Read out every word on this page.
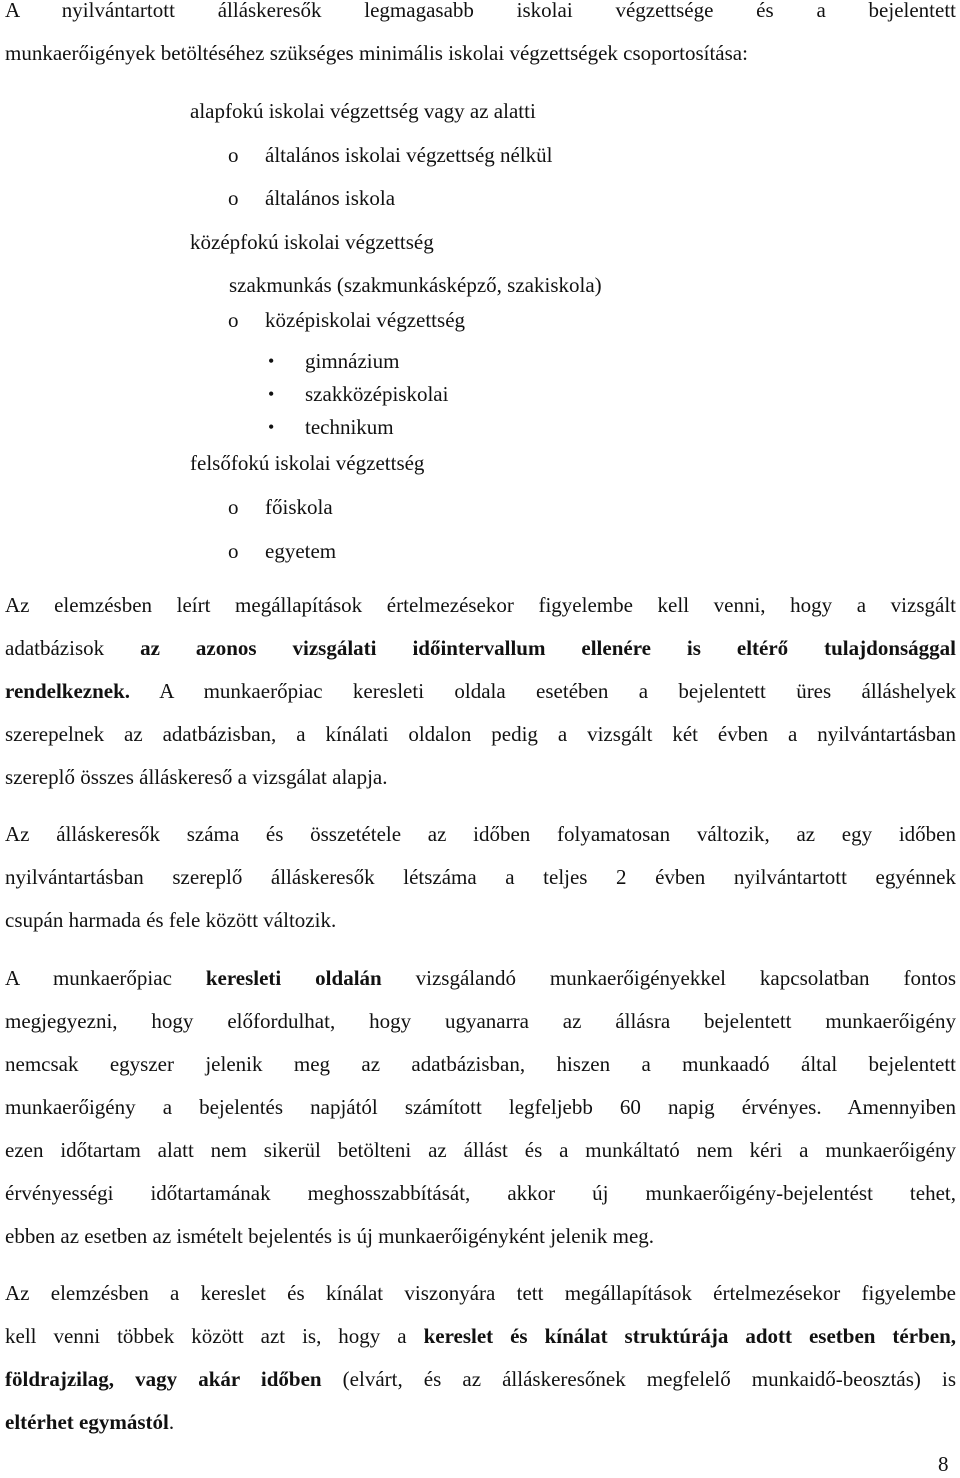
A nyilvántartott álláskeresők legmagasabb iskolai végzettsége és a bejelentett
munkaerőigények betöltéséhez szükséges minimális iskolai végzettségek csoportosítása:
alapfokú iskolai végzettség vagy az alatti
o általános iskolai végzettség nélkül
o általános iskola
középfokú iskolai végzettség
szakmunkás (szakmunkásképző, szakiskola)
o középiskolai végzettség
• gimnázium
• szakközépiskolai
• technikum
felsőfokú iskolai végzettség
o főiskola
o egyetem
Az elemzésben leírt megállapítások értelmezésekor figyelembe kell venni, hogy a vizsgált
adatbázisok az azonos vizsgálati időintervallum ellenére is eltérő tulajdonsággal
rendelkeznek. A munkaerőpiac keresleti oldala esetében a bejelentett üres álláshelyek
szerepelnek az adatbázisban, a kínálati oldalon pedig a vizsgált két évben a nyilvántartásban
szereplő összes álláskereső a vizsgálat alapja.
Az álláskeresők száma és összetétele az időben folyamatosan változik, az egy időben
nyilvántartásban szereplő álláskeresők létszáma a teljes 2 évben nyilvántartott egyénnek
csupán harmada és fele között változik.
A munkaerőpiac keresleti oldalán vizsgálandó munkaerőigényekkel kapcsolatban fontos
megjegyezni, hogy előfordulhat, hogy ugyanarra az állásra bejelentett munkaerőigény
nemcsak egyszer jelenik meg az adatbázisban, hiszen a munkaadó által bejelentett
munkaerőigény a bejelentés napjától számított legfeljebb 60 napig érvényes. Amennyiben
ezen időtartam alatt nem sikerül betölteni az állást és a munkáltató nem kéri a munkaerőigény
érvényességi időtartamának meghosszabbítását, akkor új munkaerőigény-bejelentést tehet,
ebben az esetben az ismételt bejelentés is új munkaerőigényként jelenik meg.
Az elemzésben a kereslet és kínálat viszonyára tett megállapítások értelmezésekor figyelembe
kell venni többek között azt is, hogy a kereslet és kínálat struktúrája adott esetben térben,
földrajzilag, vagy akár időben (elvárt, és az álláskeresőnek megfelelő munkaidő-beosztás) is
eltérhet egymástól.
8
